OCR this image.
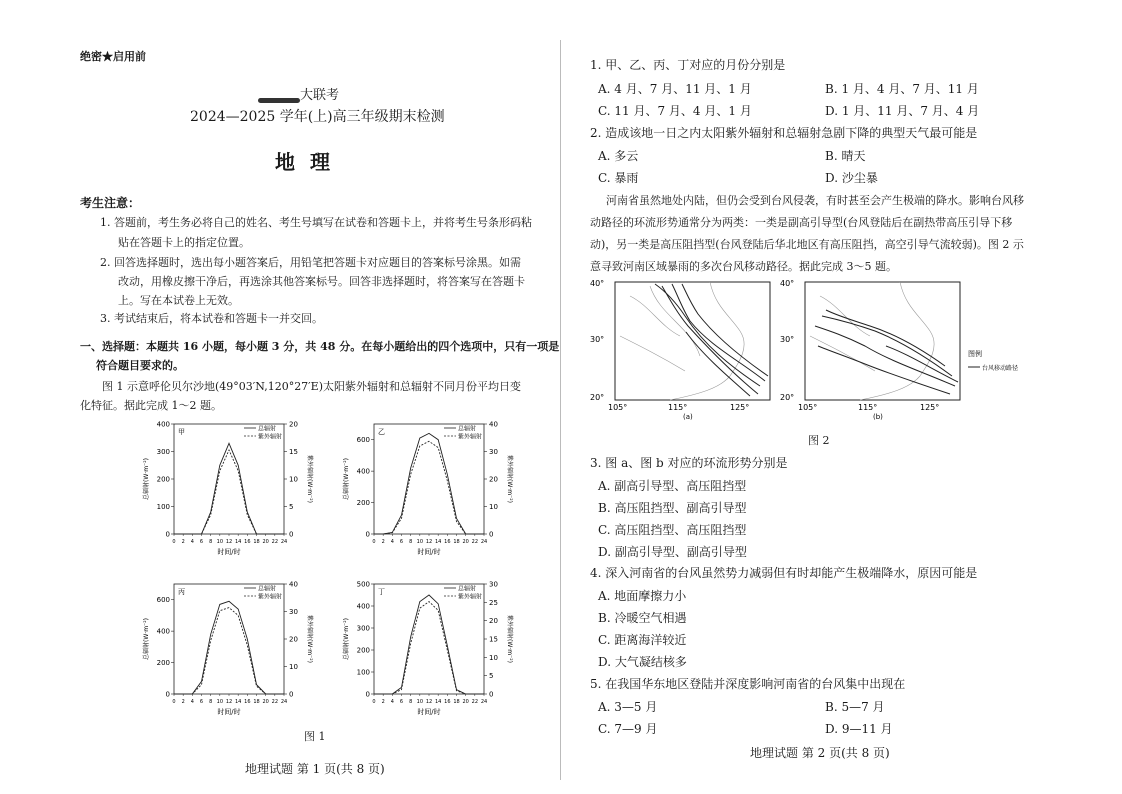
绝密★启用前
大联考
2024—2025 学年(上)高三年级期末检测
地 理
考生注意：
1. 答题前，考生务必将自己的姓名、考生号填写在试卷和答题卡上，并将考生号条形码粘
贴在答题卡上的指定位置。
2. 回答选择题时，选出每小题答案后，用铅笔把答题卡对应题目的答案标号涂黑。如需
改动，用橡皮擦干净后，再选涂其他答案标号。回答非选择题时，将答案写在答题卡
上。写在本试卷上无效。
3. 考试结束后，将本试卷和答题卡一并交回。
一、选择题：本题共 16 小题，每小题 3 分，共 48 分。在每小题给出的四个选项中，只有一项是
符合题目要求的。
图 1 示意呼伦贝尔沙地(49°03′N,120°27′E)太阳紫外辐射和总辐射不同月份平均日变
化特征。据此完成 1～2 题。
0
100
200
300
400
0
5
10
15
20
0 2 4 6 8 10 12 14 16 18 20 22 24
总辐射
紫外辐射
甲
时间/时
总辐射(W·m⁻²)	紫外辐射(W·m⁻²)
0
200
400
600
0
10
20
30
40
0 2 4 6 8 10 12 14 16 18 20 22 24
总辐射
紫外辐射
乙
时间/时
总辐射(W·m⁻²)	紫外辐射(W·m⁻²)
0
200
400
600
0
10
20
30
40
0 2 4 6 8 10 12 14 16 18 20 22 24
总辐射
紫外辐射
丙
时间/时
总辐射(W·m⁻²)	紫外辐射(W·m⁻²)
0
100
200
300
400
500
0
5
10
15
20
25
30
0 2 4 6 8 10 12 14 16 18 20 22 24
总辐射
紫外辐射
丁
时间/时
总辐射(W·m⁻²)	紫外辐射(W·m⁻²)
图 1
地理试题 第 1 页(共 8 页)
1. 甲、乙、丙、丁对应的月份分别是
A. 4 月、7 月、11 月、1 月	B. 1 月、4 月、7 月、11 月
C. 11 月、7 月、4 月、1 月	D. 1 月、11 月、7 月、4 月
2. 造成该地一日之内太阳紫外辐射和总辐射急剧下降的典型天气最可能是
A. 多云	B. 晴天
C. 暴雨	D. 沙尘暴
河南省虽然地处内陆，但仍会受到台风侵袭，有时甚至会产生极端的降水。影响台风移
动路径的环流形势通常分为两类：一类是副高引导型(台风登陆后在副热带高压引导下移
动)，另一类是高压阻挡型(台风登陆后华北地区有高压阻挡，高空引导气流较弱)。图 2 示
意寻致河南区域暴雨的多次台风移动路径。据此完成 3～5 题。
40°
30°
20°
105°	115°	125°
(a)
40°
30°
20°
105°	115°	125°
(b)
图例
台风移动路径
图 2
3. 图 a、图 b 对应的环流形势分别是
A. 副高引导型、高压阻挡型
B. 高压阻挡型、副高引导型
C. 高压阻挡型、高压阻挡型
D. 副高引导型、副高引导型
4. 深入河南省的台风虽然势力减弱但有时却能产生极端降水，原因可能是
A. 地面摩擦力小
B. 冷暖空气相遇
C. 距离海洋较近
D. 大气凝结核多
5. 在我国华东地区登陆并深度影响河南省的台风集中出现在
A. 3—5 月	B. 5—7 月
C. 7—9 月	D. 9—11 月
地理试题 第 2 页(共 8 页)
